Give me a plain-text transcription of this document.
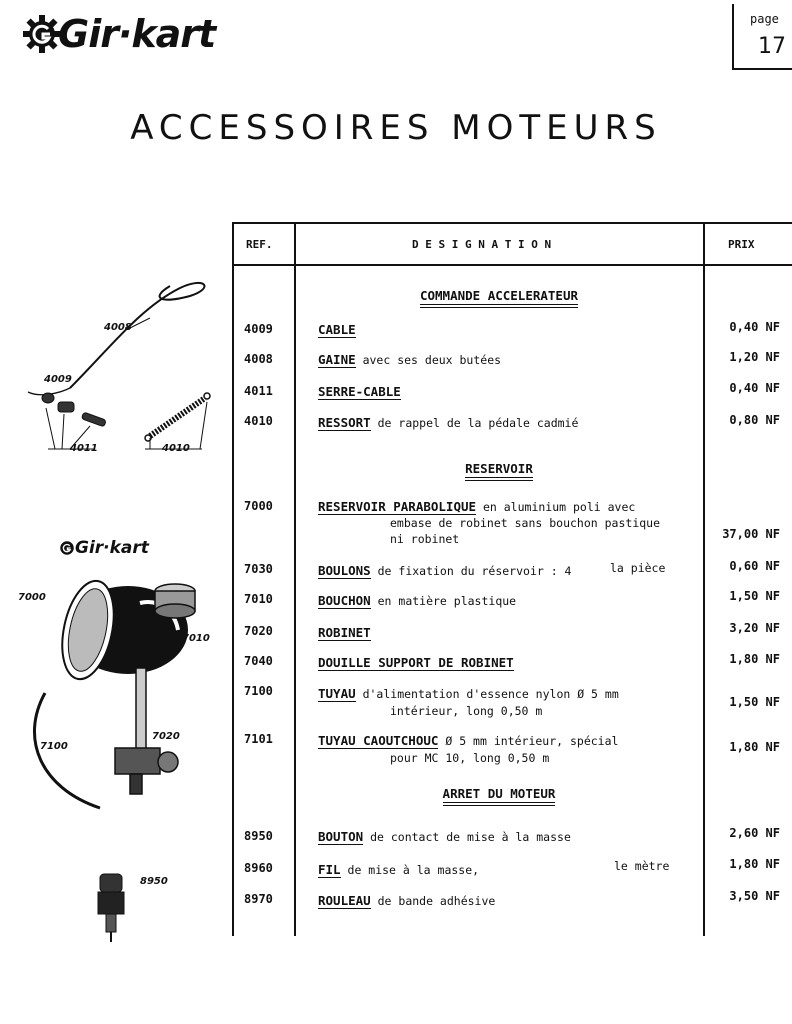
Gir·kart	page
17
ACCESSOIRES MOTEURS
REF.	D E S I G N A T I O N	PRIX
COMMANDE ACCELERATEUR
RESERVOIR
ARRET DU MOTEUR
4009	CABLE	0,40 NF
4008	GAINE avec ses deux butées	1,20 NF
4011	SERRE-CABLE	0,40 NF
4010	RESSORT de rappel de la pédale cadmié	0,80 NF
7000	RESERVOIR PARABOLIQUE en aluminium poli avec
embase de robinet sans bouchon pastique
ni robinet	37,00 NF
7030	BOULONS de fixation du réservoir : 4	la pièce	0,60 NF
7010	BOUCHON en matière plastique	1,50 NF
7020	ROBINET	3,20 NF
7040	DOUILLE SUPPORT DE ROBINET	1,80 NF
7100	TUYAU d'alimentation d'essence nylon Ø 5 mm
intérieur, long 0,50 m
1,50 NF
7101	TUYAU CAOUTCHOUC Ø 5 mm intérieur, spécial
pour MC 10, long 0,50 m
1,80 NF
8950	BOUTON de contact de mise à la masse	2,60 NF
8960	FIL de mise à la masse,	le mètre	1,80 NF
8970	ROULEAU de bande adhésive	3,50 NF
Gir·kart
4008
4009
4011	4010
7000
7010
7100
7020
8950
